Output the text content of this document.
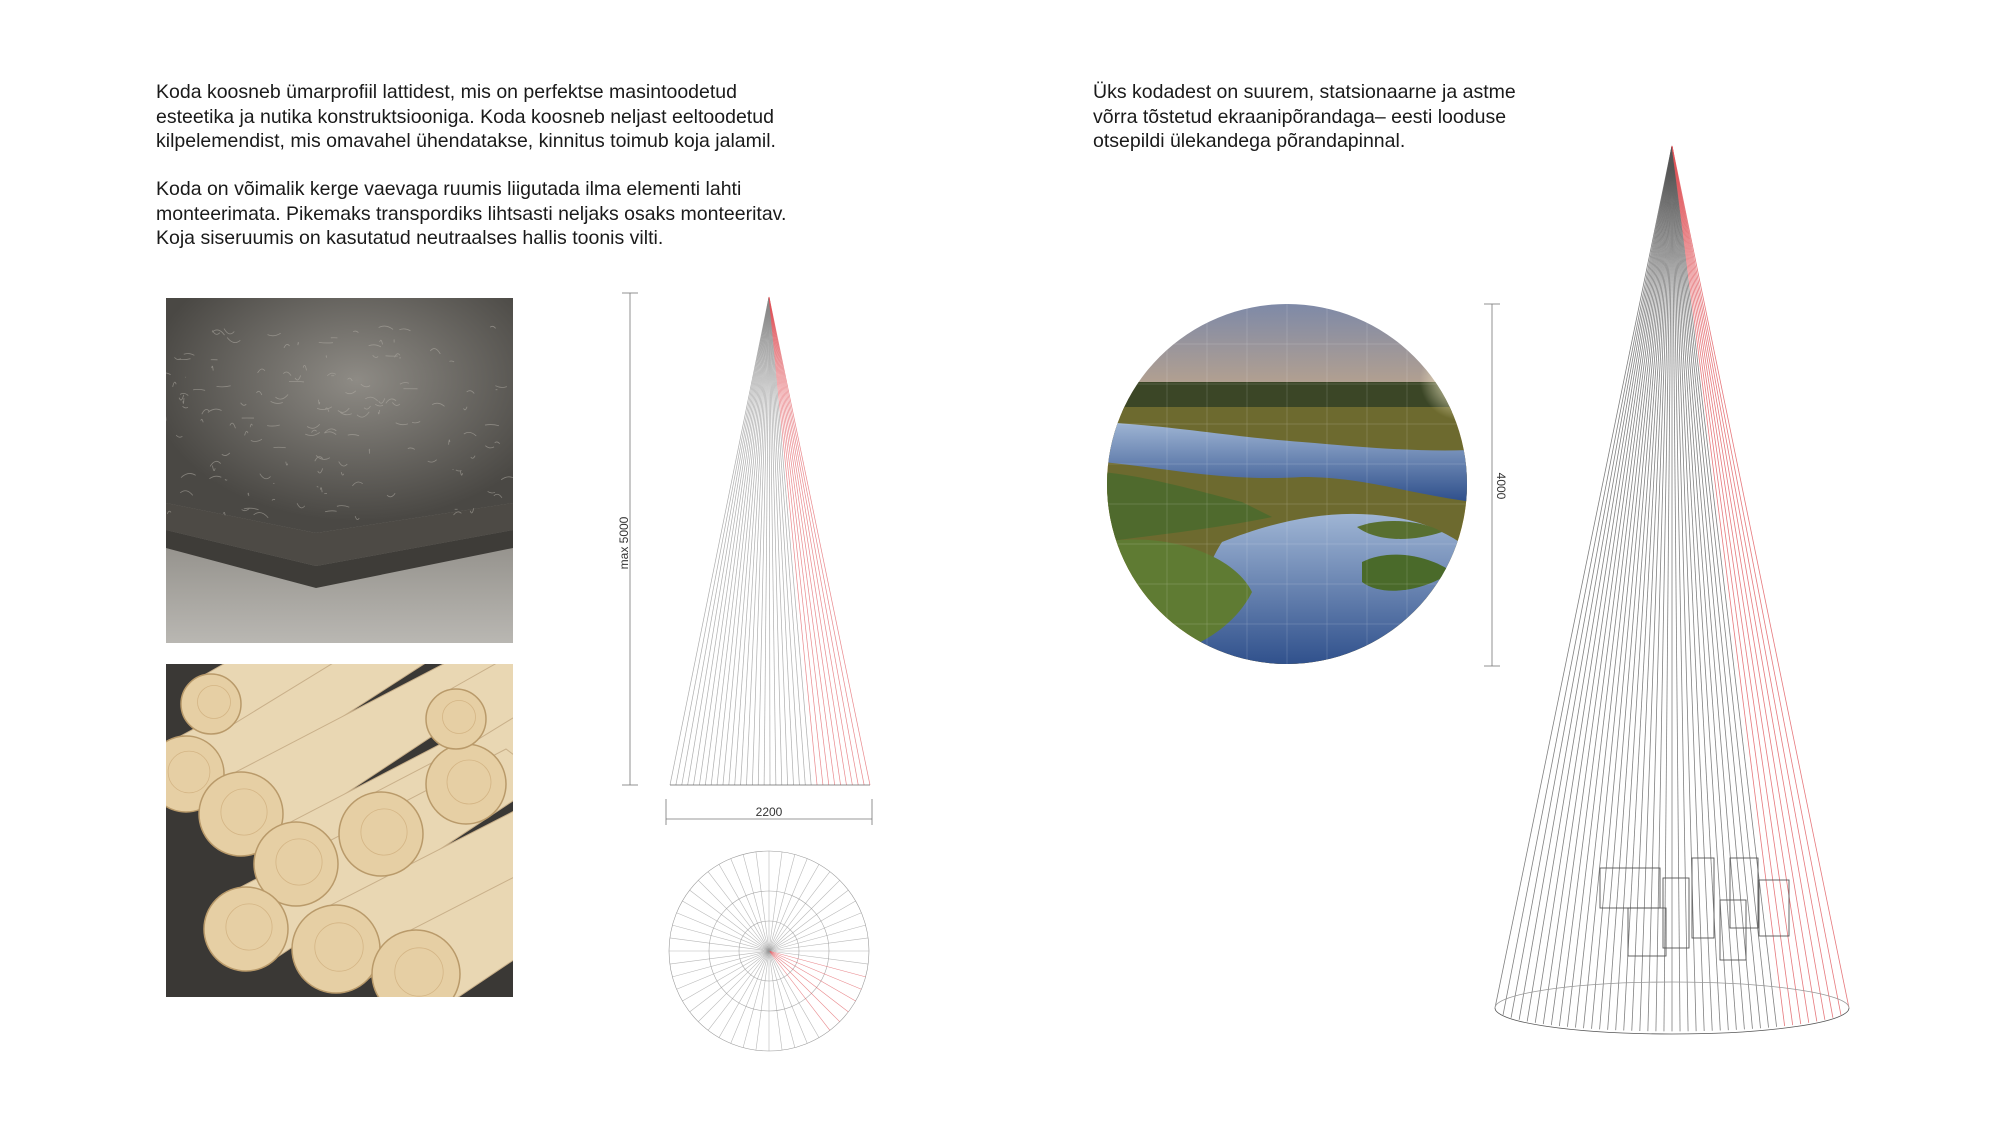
Koda koosneb ümarprofiil lattidest, mis on perfektse masintoodetud
esteetika ja nutika konstruktsiooniga. Koda koosneb neljast eeltoodetud
kilpelemendist, mis omavahel ühendatakse, kinnitus toimub koja jalamil.

Koda on võimalik kerge vaevaga ruumis liigutada ilma elementi lahti
monteerimata. Pikemaks transpordiks lihtsasti neljaks osaks monteeritav.
Koja siseruumis on kasutatud neutraalses hallis toonis vilti.

Üks kodadest on suurem, statsionaarne ja astme
võrra tõstetud ekraanipõrandaga– eesti looduse
otsepildi ülekandega põrandapinnal.

max 5000
2200
4000
